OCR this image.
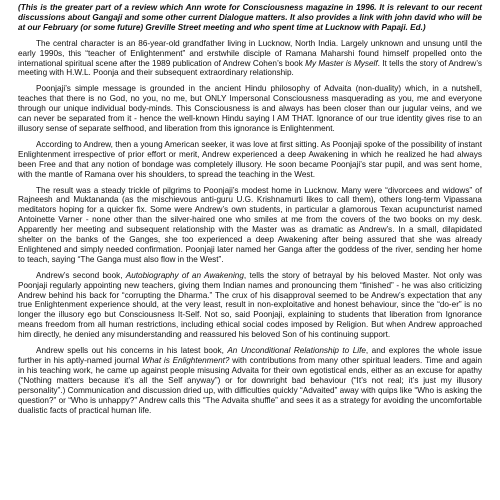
(This is the greater part of a review which Ann wrote for Consciousness magazine in 1996. It is relevant to our recent discussions about Gangaji and some other current Dialogue matters. It also provides a link with john david who will be at our February (or some future) Greville Street meeting and who spent time at Lucknow with Papaji. Ed.)

The central character is an 86-year-old grandfather living in Lucknow, North India. Largely unknown and unsung until the early 1990s, this “teacher of Enlightenment” and erstwhile disciple of Ramana Maharshi found himself propelled onto the international spiritual scene after the 1989 publication of Andrew Cohen’s book My Master is Myself. It tells the story of Andrew’s meeting with H.W.L. Poonja and their subsequent extraordinary relationship.

Poonjaji’s simple message is grounded in the ancient Hindu philosophy of Advaita (non-duality) which, in a nutshell, teaches that there is no God, no you, no me, but ONLY Impersonal Consciousness masquerading as you, me and everyone through our unique individual body-minds. This Consciousness is and always has been closer than our jugular veins, and we can never be separated from it - hence the well-known Hindu saying I AM THAT. Ignorance of our true identity gives rise to an illusory sense of separate selfhood, and liberation from this ignorance is Enlightenment.

According to Andrew, then a young American seeker, it was love at first sitting. As Poonjaji spoke of the possibility of instant Enlightenment irrespective of prior effort or merit, Andrew experienced a deep Awakening in which he realized he had always been Free and that any notion of bondage was completely illusory. He soon became Poonjaji’s star pupil, and was sent home, with the mantle of Ramana over his shoulders, to spread the teaching in the West.

The result was a steady trickle of pilgrims to Poonjaji’s modest home in Lucknow. Many were “divorcees and widows” of Rajneesh and Muktananda (as the mischievous anti-guru U.G. Krishnamurti likes to call them), others long-term Vipassana meditators hoping for a quicker fix. Some were Andrew’s own students, in particular a glamorous Texan acupuncturist named Antoinette Varner - none other than the silver-haired one who smiles at me from the covers of the two books on my desk. Apparently her meeting and subsequent relationship with the Master was as dramatic as Andrew’s. In a small, dilapidated shelter on the banks of the Ganges, she too experienced a deep Awakening after being assured that she was already Enlightened and simply needed confirmation. Poonjaji later named her Ganga after the goddess of the river, sending her home to teach, saying “The Ganga must also flow in the West”.

Andrew’s second book, Autobiography of an Awakening, tells the story of betrayal by his beloved Master. Not only was Poonjaji regularly appointing new teachers, giving them Indian names and pronouncing them “finished” - he was also criticizing Andrew behind his back for “corrupting the Dharma.” The crux of his disapproval seemed to be Andrew’s expectation that any true Enlightenment experience should, at the very least, result in non-exploitative and honest behaviour, since the “do-er” is no longer the illusory ego but Consciousness It-Self. Not so, said Poonjaji, explaining to students that liberation from Ignorance means freedom from all human restrictions, including ethical social codes imposed by Religion. But when Andrew approached him directly, he denied any misunderstanding and reassured his beloved Son of his continuing support.

Andrew spells out his concerns in his latest book, An Unconditional Relationship to Life, and explores the whole issue further in his aptly-named journal What is Enlightenment? with contributions from many other spiritual leaders. Time and again in his teaching work, he came up against people misusing Advaita for their own egotistical ends, either as an excuse for apathy (“Nothing matters because it’s all the Self anyway”) or for downright bad behaviour (“It’s not real; it’s just my illusory personality”.) Communication and discussion dried up, with difficulties quickly “Advaited” away with quips like “Who is asking the question?” or “Who is unhappy?” Andrew calls this “The Advaita shuffle” and sees it as a strategy for avoiding the uncomfortable dualistic facts of practical human life.
